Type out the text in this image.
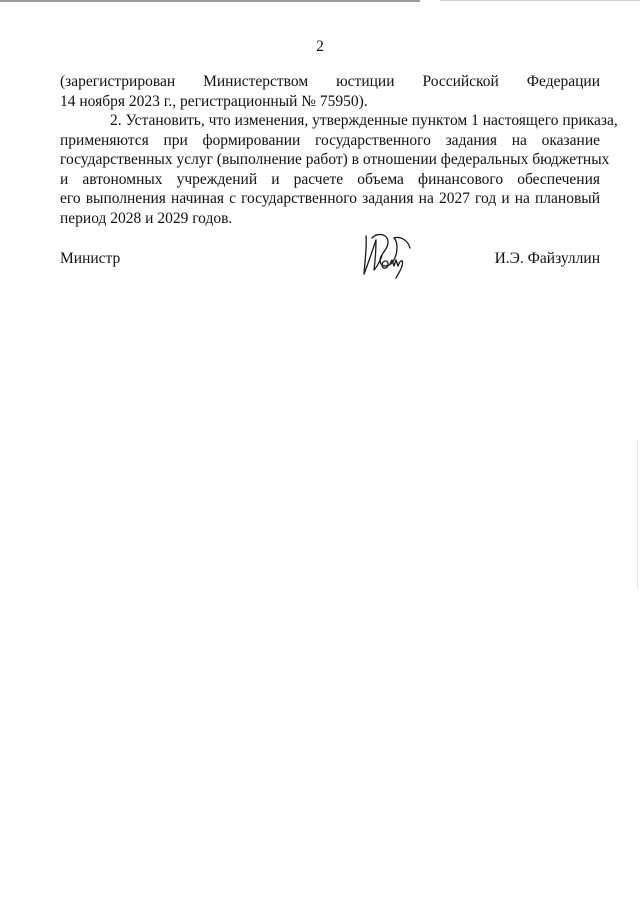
2
(зарегистрирован Министерством юстиции Российской Федерации
14 ноября 2023 г., регистрационный № 75950).
2. Установить, что изменения, утвержденные пунктом 1 настоящего приказа,
применяются при формировании государственного задания на оказание
государственных услуг (выполнение работ) в отношении федеральных бюджетных
и автономных учреждений и расчете объема финансового обеспечения
его выполнения начиная с государственного задания на 2027 год и на плановый
период 2028 и 2029 годов.
Министр	И.Э. Файзуллин
